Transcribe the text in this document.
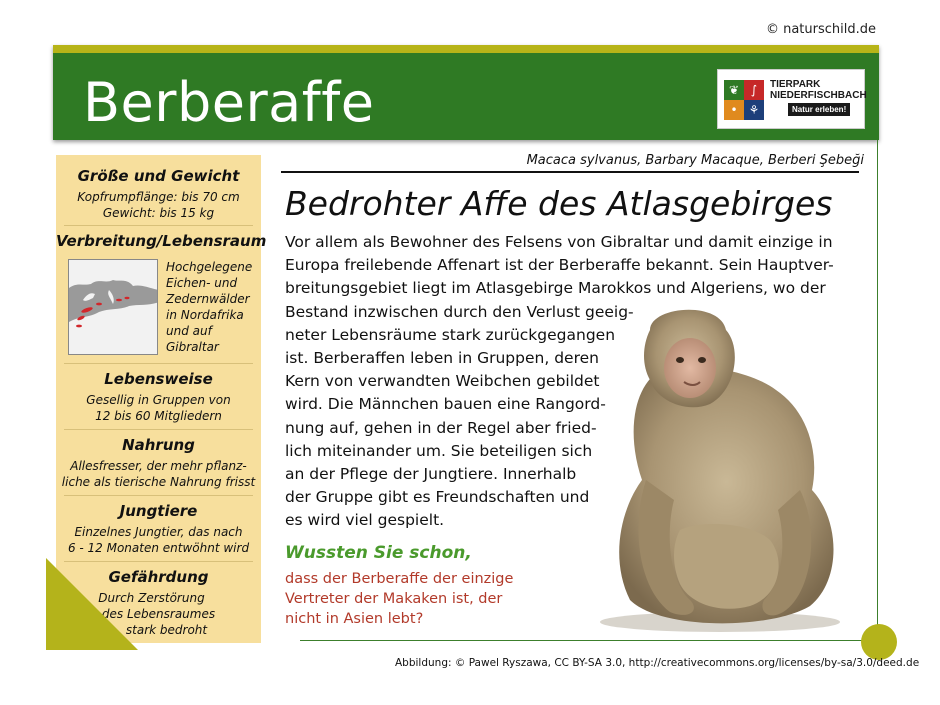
© naturschild.de
Berberaffe	❦ ∫
• ⚘
TIERPARK
NIEDERFISCHBACH
Natur erleben!
Größe und Gewicht
Kopfrumpflänge: bis 70 cm
Gewicht: bis 15 kg
Verbreitung/Lebensraum
Hochgelegene
Eichen- und
Zedernwälder
in Nordafrika
und auf
Gibraltar
Lebensweise
Gesellig in Gruppen von
12 bis 60 Mitgliedern
Nahrung
Allesfresser, der mehr pflanz-
liche als tierische Nahrung frisst
Jungtiere
Einzelnes Jungtier, das nach
6 - 12 Monaten entwöhnt wird
Gefährdung
Durch Zerstörung
des Lebensraumes
stark bedroht
Macaca sylvanus, Barbary Macaque, Berberi Şebeği
Bedrohter Affe des Atlasgebirges
Vor allem als Bewohner des Felsens von Gibraltar und damit einzige in
Europa freilebende Affenart ist der Berberaffe bekannt. Sein Hauptver-
breitungsgebiet liegt im Atlasgebirge Marokkos und Algeriens, wo der
Bestand inzwischen durch den Verlust geeig-
neter Lebensräume stark zurückgegangen
ist. Berberaffen leben in Gruppen, deren
Kern von verwandten Weibchen gebildet
wird. Die Männchen bauen eine Rangord-
nung auf, gehen in der Regel aber fried-
lich miteinander um. Sie beteiligen sich
an der Pflege der Jungtiere. Innerhalb
der Gruppe gibt es Freundschaften und
es wird viel gespielt.
Wussten Sie schon,
dass der Berberaffe der einzige
Vertreter der Makaken ist, der
nicht in Asien lebt?
Abbildung: © Pawel Ryszawa, CC BY-SA 3.0, http://creativecommons.org/licenses/by-sa/3.0/deed.de
